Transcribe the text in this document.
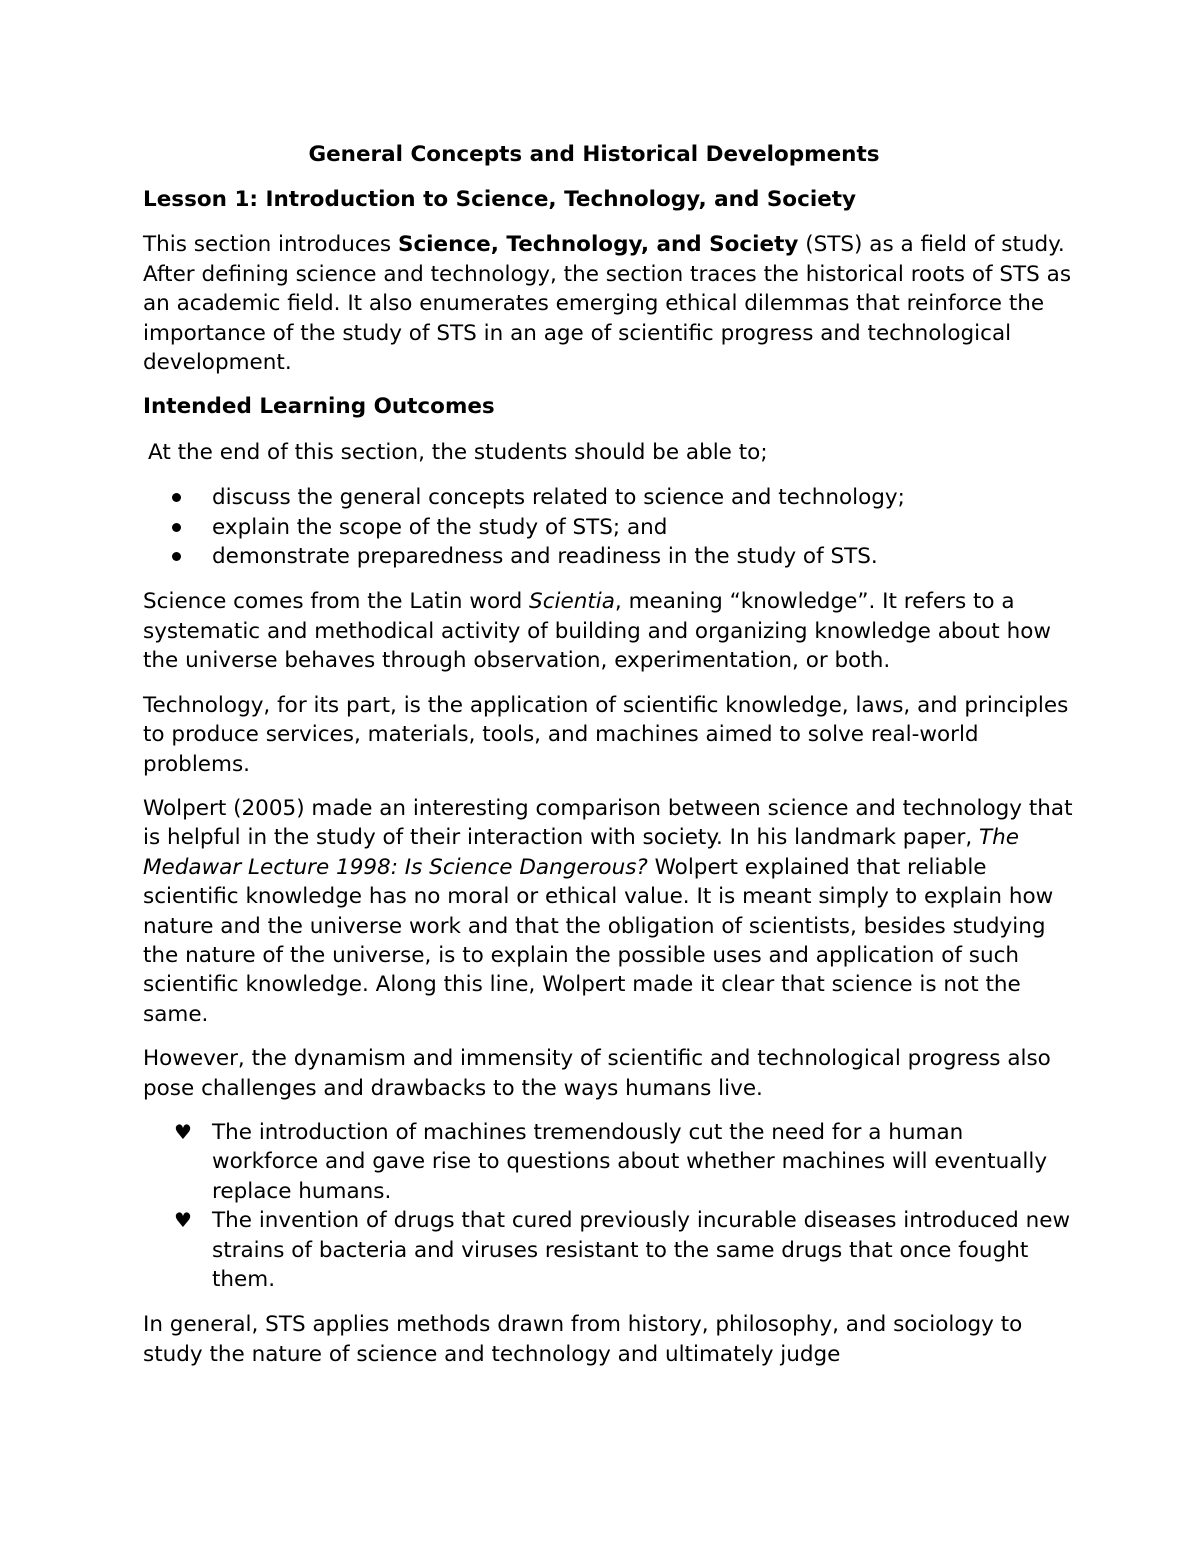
General Concepts and Historical Developments
Lesson 1: Introduction to Science, Technology, and Society

This section introduces Science, Technology, and Society (STS) as a field of study. After defining science and technology, the section traces the historical roots of STS as an academic field. It also enumerates emerging ethical dilemmas that reinforce the importance of the study of STS in an age of scientific progress and technological development.

Intended Learning Outcomes

At the end of this section, the students should be able to;

discuss the general concepts related to science and technology;
explain the scope of the study of STS; and
demonstrate preparedness and readiness in the study of STS.

Science comes from the Latin word Scientia, meaning “knowledge”. It refers to a systematic and methodical activity of building and organizing knowledge about how the universe behaves through observation, experimentation, or both.

Technology, for its part, is the application of scientific knowledge, laws, and principles to produce services, materials, tools, and machines aimed to solve real-world problems.

Wolpert (2005) made an interesting comparison between science and technology that is helpful in the study of their interaction with society. In his landmark paper, The Medawar Lecture 1998: Is Science Dangerous? Wolpert explained that reliable scientific knowledge has no moral or ethical value. It is meant simply to explain how nature and the universe work and that the obligation of scientists, besides studying the nature of the universe, is to explain the possible uses and application of such scientific knowledge. Along this line, Wolpert made it clear that science is not the same.

However, the dynamism and immensity of scientific and technological progress also pose challenges and drawbacks to the ways humans live.

♥ The introduction of machines tremendously cut the need for a human workforce and gave rise to questions about whether machines will eventually replace humans.
♥ The invention of drugs that cured previously incurable diseases introduced new strains of bacteria and viruses resistant to the same drugs that once fought them.

In general, STS applies methods drawn from history, philosophy, and sociology to study the nature of science and technology and ultimately judge
